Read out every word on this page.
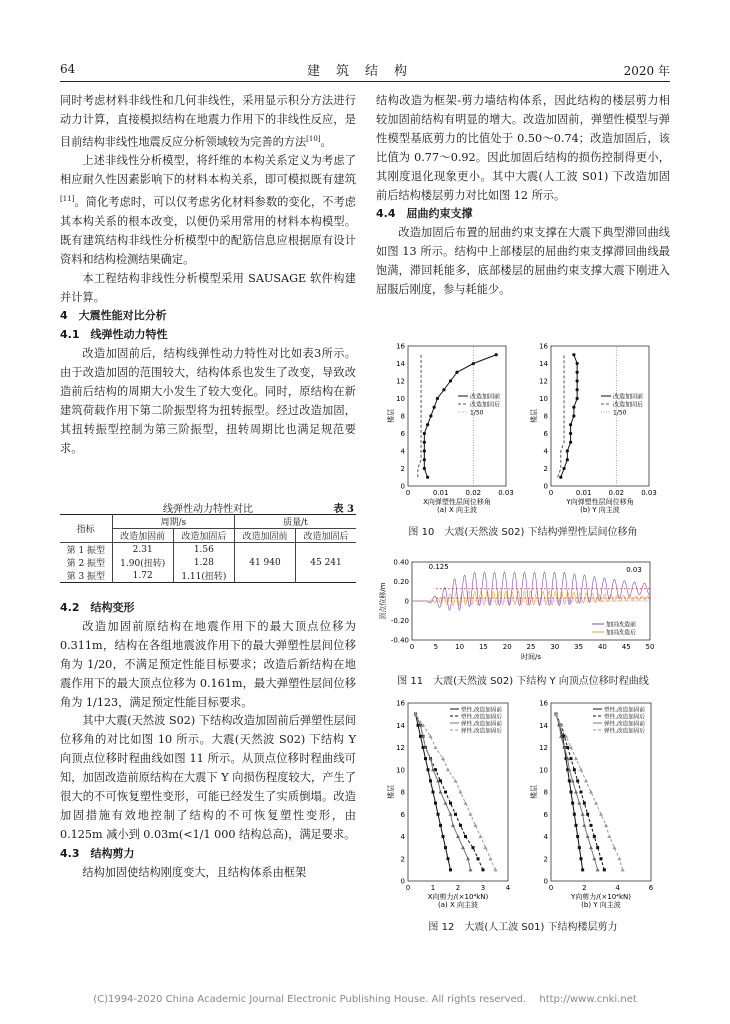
64	建筑结构	2020 年

同时考虑材料非线性和几何非线性，采用显示积分方法进行动力计算，直接模拟结构在地震力作用下的非线性反应，是目前结构非线性地震反应分析领域较为完善的方法[10]。

上述非线性分析模型，将纤维的本构关系定义为考虑了相应耐久性因素影响下的材料本构关系，即可模拟既有建筑[11]。简化考虑时，可以仅考虑劣化材料参数的变化，不考虑其本构关系的根本改变，以便仍采用常用的材料本构模型。既有建筑结构非线性分析模型中的配筋信息应根据原有设计资料和结构检测结果确定。

本工程结构非线性分析模型采用 SAUSAGE 软件构建并计算。

4　大震性能对比分析

4.1　线弹性动力特性

改造加固前后，结构线弹性动力特性对比如表3所示。由于改造加固的范围较大，结构体系也发生了改变，导致改造前后结构的周期大小发生了较大变化。同时，原结构在新建筑荷载作用下第二阶振型将为扭转振型。经过改造加固，其扭转振型控制为第三阶振型，扭转周期比也满足规范要求。

线弹性动力特性对比	表 3
指标	周期/s		质量/t	
	改造加固前	改造加固后	改造加固前	改造加固后
第 1 振型	2.31	1.56	41 940	45 241
第 2 振型	1.90(扭转)	1.28		
第 3 振型	1.72	1.11(扭转)		

4.2　结构变形

改造加固前原结构在地震作用下的最大顶点位移为 0.311m，结构在各组地震波作用下的最大弹塑性层间位移角为 1/20，不满足预定性能目标要求；改造后新结构在地震作用下的最大顶点位移为 0.161m，最大弹塑性层间位移角为 1/123，满足预定性能目标要求。

其中大震(天然波 S02) 下结构改造加固前后弹塑性层间位移角的对比如图 10 所示。大震(天然波 S02) 下结构 Y 向顶点位移时程曲线如图 11 所示。从顶点位移时程曲线可知，加固改造前原结构在大震下 Y 向损伤程度较大，产生了很大的不可恢复塑性变形，可能已经发生了实质倒塌。改造加固措施有效地控制了结构的不可恢复塑性变形，由 0.125m 减小到 0.03m(<1/1 000 结构总高)，满足要求。

4.3　结构剪力

结构加固使结构刚度变大，且结构体系由框架

结构改造为框架-剪力墙结构体系，因此结构的楼层剪力相较加固前结构有明显的增大。改造加固前，弹塑性模型与弹性模型基底剪力的比值处于 0.50～0.74；改造加固后，该比值为 0.77～0.92。因此加固后结构的损伤控制得更小，其刚度退化现象更小。其中大震(人工波 S01) 下改造加固前后结构楼层剪力对比如图 12 所示。

4.4　屈曲约束支撑

改造加固后布置的屈曲约束支撑在大震下典型滞回曲线如图 13 所示。结构中上部楼层的屈曲约束支撑滞回曲线最饱满，滞回耗能多，底部楼层的屈曲约束支撑大震下刚进入屈服后刚度，参与耗能少。

0	0.01 0.02 0.03
0
2
4
6
8
10
12
14
16
楼层
X向弹塑性层间位移角
(a) X 向主波
改造加固前
改造加固后
1/50
0	0.01 0.02 0.03
0
2
4
6
8
10
12
14
16
楼层
Y向弹塑性层间位移角
(b) Y 向主波
改造加固前
改造加固后
1/50
图 10　大震(天然波 S02) 下结构弹塑性层间位移角
0	5 10 15 20 25 30 35 40 45 50
-0.40
-0.20
0
0.20
0.40
顶点位移/m
时间/s
0.125	0.03
加固改造前
加固改造后
图 11　大震(天然波 S02) 下结构 Y 向顶点位移时程曲线
0	1	2	3	4
0
2
4
6
8
10
12
14
16
楼层
X向剪力/(×10⁴kN)
(a) X 向主波
塑性,改造加固前
塑性,改造加固后
弹性,改造加固前
弹性,改造加固后
0	2	4	6
0
2
4
6
8
10
12
14
16
楼层
Y向剪力/(×10⁴kN)
(b) Y 向主波
塑性,改造加固前
塑性,改造加固后
弹性,改造加固前
弹性,改造加固后
图 12　大震(人工波 S01) 下结构楼层剪力
(C)1994-2020 China Academic Journal Electronic Publishing House. All rights reserved.　 http://www.cnki.net
